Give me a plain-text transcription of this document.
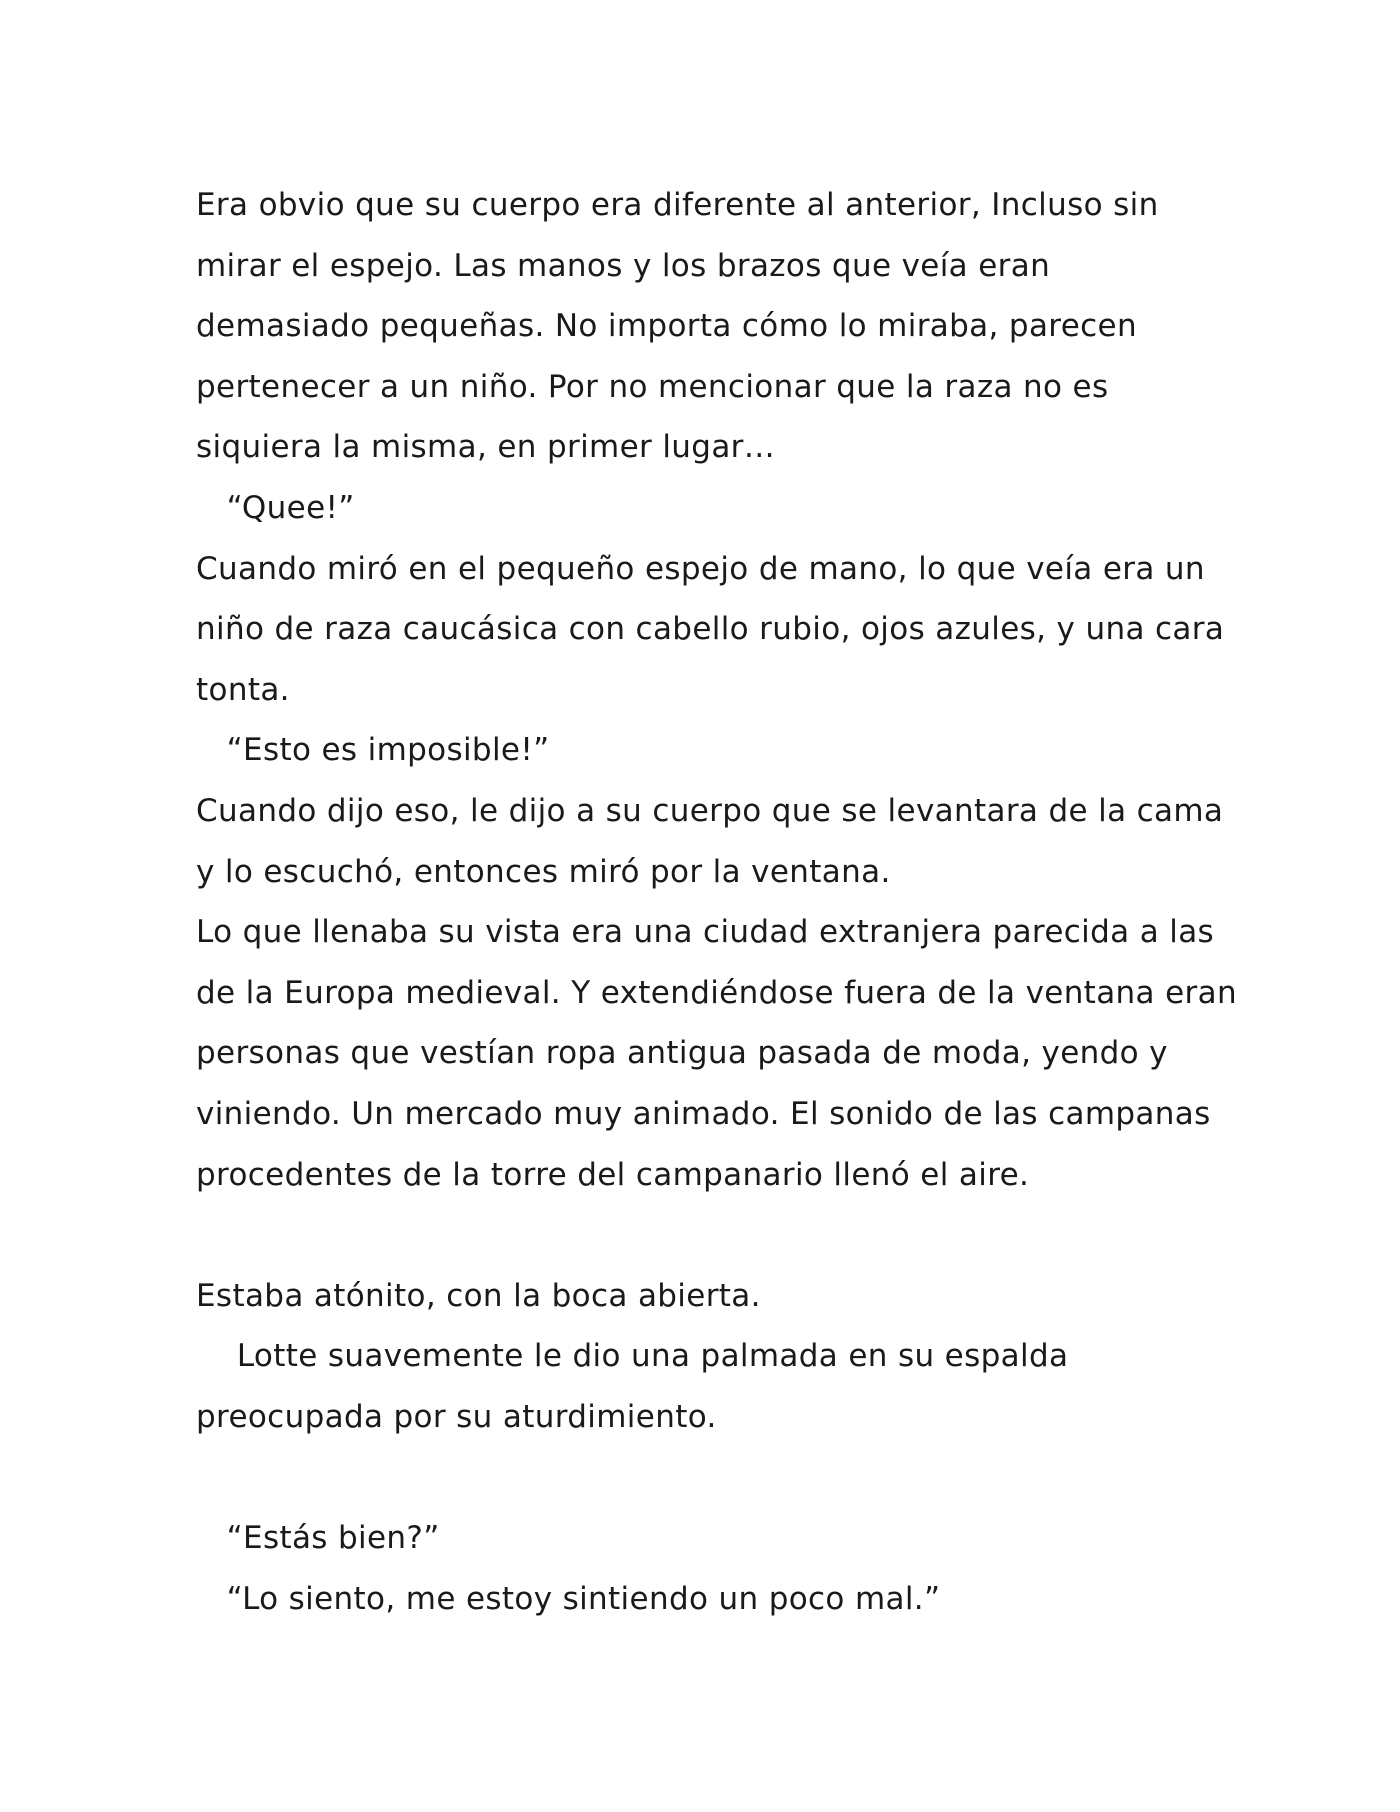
Era obvio que su cuerpo era diferente al anterior, Incluso sin
mirar el espejo. Las manos y los brazos que veía eran
demasiado pequeñas. No importa cómo lo miraba, parecen
pertenecer a un niño. Por no mencionar que la raza no es
siquiera la misma, en primer lugar…
“Quee!”
Cuando miró en el pequeño espejo de mano, lo que veía era un
niño de raza caucásica con cabello rubio, ojos azules, y una cara
tonta.
“Esto es imposible!”
Cuando dijo eso, le dijo a su cuerpo que se levantara de la cama
y lo escuchó, entonces miró por la ventana.
Lo que llenaba su vista era una ciudad extranjera parecida a las
de la Europa medieval. Y extendiéndose fuera de la ventana eran
personas que vestían ropa antigua pasada de moda, yendo y
viniendo. Un mercado muy animado. El sonido de las campanas
procedentes de la torre del campanario llenó el aire.
Estaba atónito, con la boca abierta.
Lotte suavemente le dio una palmada en su espalda
preocupada por su aturdimiento.
“Estás bien?”
“Lo siento, me estoy sintiendo un poco mal.”
